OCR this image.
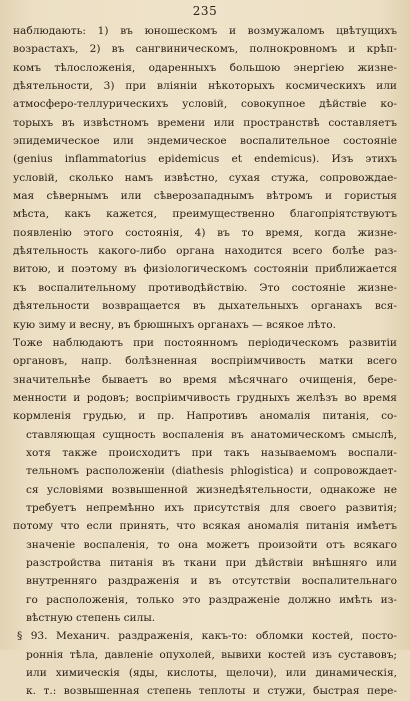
235
наблюдають: 1) въ юношескомъ и возмужаломъ цвѣтущихъ
возрастахъ, 2) въ сангвиническомъ, полнокровномъ и крѣп-
комъ тѣлосложенія, одаренныхъ большою энергіею жизне-
дѣятельности, 3) при вліяніи нѣкоторыхъ космическихъ или
атмосферо-теллурическихъ условій, совокупное дѣйствіе ко-
торыхъ въ извѣстномъ времени или пространствѣ составляетъ
эпидемическое или эндемическое воспалительное состояніе
(genius inflammatorius epidemicus et endemicus). Изъ этихъ
условій, сколько намъ извѣстно, сухая стужа, сопровождае-
мая сѣвернымъ или сѣверозападнымъ вѣтромъ и гористыя
мѣста, какъ кажется, преимущественно благопріятствуютъ
появленію этого состоянія, 4) въ то время, когда жизне-
дѣятельность какого-либо органа находится всего болѣе раз-
витою, и поэтому въ физіологическомъ состояніи приближается
къ воспалительному противодѣйствію. Это состояніе жизне-
дѣятельности возвращается въ дыхательныхъ органахъ вся-
кую зиму и весну, въ брюшныхъ органахъ — всякое лѣто.
Тоже наблюдаютъ при постоянномъ періодическомъ развитіи
органовъ, напр. болѣзненная воспріимчивость матки всего
значительнѣе бываетъ во время мѣсячнаго очищенія, бере-
менности и родовъ; воспріимчивость грудныхъ желѣзъ во время
кормленія грудью, и пр. Напротивъ аномалія питанія, со-
ставляющая сущность воспаленія въ анатомическомъ смыслѣ,
хотя также происходитъ при такъ называемомъ воспали-
тельномъ расположеніи (diathesis phlogistica) и сопровождает-
ся условіями возвышенной жизнедѣятельности, однакоже не
требуетъ непремѣнно ихъ присутствія для своего развитія;
потому что если принять, что всякая аномалія питанія имѣетъ
значеніе воспаленія, то она можетъ произойти отъ всякаго
разстройства питанія въ ткани при дѣйствіи внѣшняго или
внутренняго раздраженія и въ отсутствіи воспалительнаго
го расположенія, только это раздраженіе должно имѣть из-
вѣстную степень силы.
§ 93. Механич. раздраженія, какъ-то: обломки костей, посто-
роннія тѣла, давленіе опухолей, вывихи костей изъ суставовъ;
или химическія (яды, кислоты, щелочи), или динамическія,
к. т.: возвышенная степень теплоты и стужи, быстрая пере-
